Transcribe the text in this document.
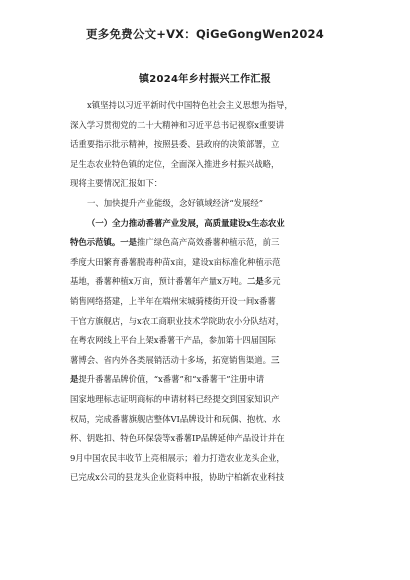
更多免费公文+VX：QiGeGongWen2024
镇2024年乡村振兴工作汇报
x镇坚持以习近平新时代中国特色社会主义思想为指导，
深入学习贯彻党的二十大精神和习近平总书记视察x重要讲
话重要指示批示精神，按照县委、县政府的决策部署，立
足生态农业特色镇的定位，全面深入推进乡村振兴战略，
现将主要情况汇报如下：
一、加快提升产业能级，念好镇域经济“发展经”
（一）全力推动番薯产业发展，高质量建设x生态农业
特色示范镇。一是推广绿色高产高效番薯种植示范，前三
季度大田繁育番薯脱毒种苗x亩，建设x亩标准化种植示范
基地，番薯种植x万亩，预计番薯年产量x万吨。二是多元
销售网络搭建，上半年在端州宋城骑楼街开设一间x番薯
干官方旗舰店，与x农工商职业技术学院助农小分队结对，
在粤农网线上平台上架x番薯干产品，参加第十四届国际
薯博会、省内外各类展销活动十多场，拓宽销售渠道。三
是提升番薯品牌价值，“x番薯”和“x番薯干”注册申请
国家地理标志证明商标的申请材料已经提交到国家知识产
权局，完成番薯旗舰店整体VI品牌设计和玩偶、抱枕、水
杯、钥匙扣、特色环保袋等x番薯IP品牌延伸产品设计并在
9月中国农民丰收节上亮相展示；着力打造农业龙头企业，
已完成x公司的县龙头企业资料申报，协助宁柏新农业科技
